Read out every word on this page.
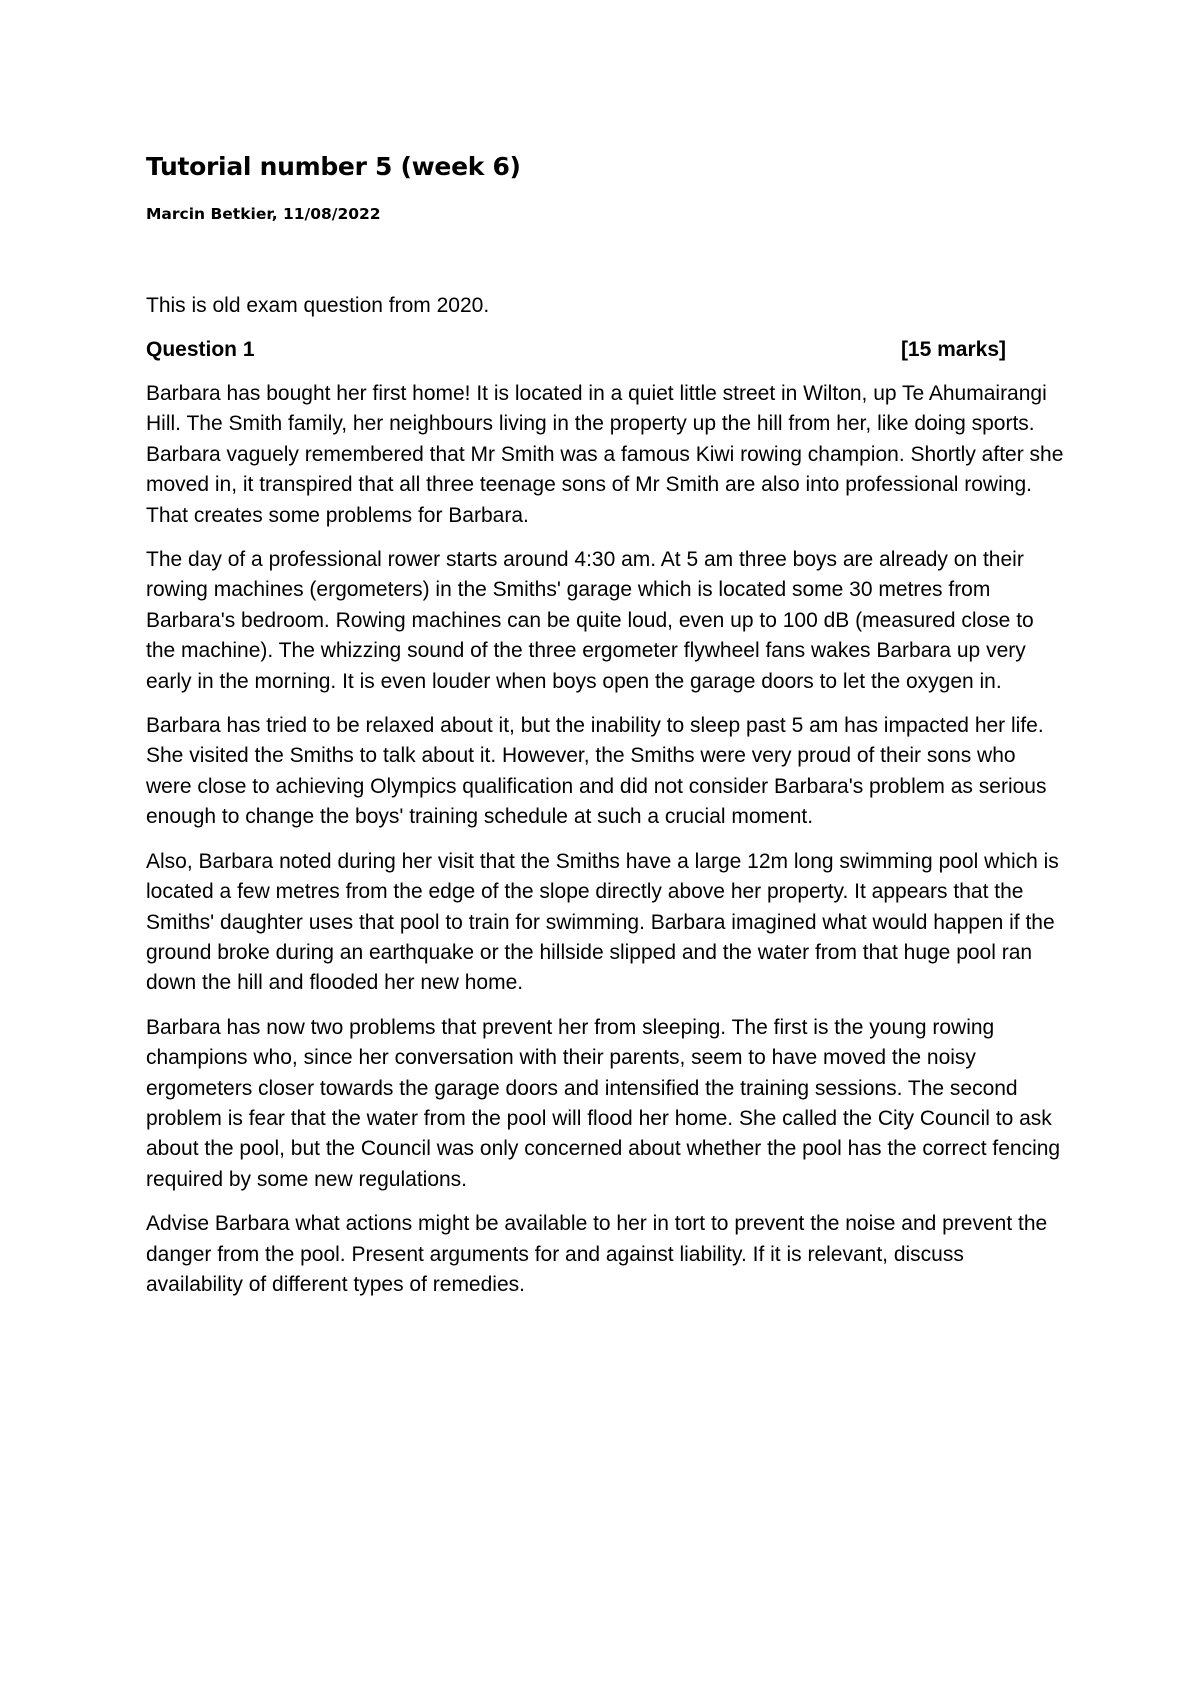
Tutorial number 5 (week 6)

Marcin Betkier, 11/08/2022

This is old exam question from 2020.

Question 1	[15 marks]

Barbara has bought her first home! It is located in a quiet little street in Wilton, up Te Ahumairangi Hill. The Smith family, her neighbours living in the property up the hill from her, like doing sports. Barbara vaguely remembered that Mr Smith was a famous Kiwi rowing champion. Shortly after she moved in, it transpired that all three teenage sons of Mr Smith are also into professional rowing. That creates some problems for Barbara.

The day of a professional rower starts around 4:30 am. At 5 am three boys are already on their rowing machines (ergometers) in the Smiths' garage which is located some 30 metres from Barbara's bedroom. Rowing machines can be quite loud, even up to 100 dB (measured close to the machine). The whizzing sound of the three ergometer flywheel fans wakes Barbara up very early in the morning. It is even louder when boys open the garage doors to let the oxygen in.

Barbara has tried to be relaxed about it, but the inability to sleep past 5 am has impacted her life. She visited the Smiths to talk about it. However, the Smiths were very proud of their sons who were close to achieving Olympics qualification and did not consider Barbara's problem as serious enough to change the boys' training schedule at such a crucial moment.

Also, Barbara noted during her visit that the Smiths have a large 12m long swimming pool which is located a few metres from the edge of the slope directly above her property. It appears that the Smiths' daughter uses that pool to train for swimming. Barbara imagined what would happen if the ground broke during an earthquake or the hillside slipped and the water from that huge pool ran down the hill and flooded her new home.

Barbara has now two problems that prevent her from sleeping. The first is the young rowing champions who, since her conversation with their parents, seem to have moved the noisy ergometers closer towards the garage doors and intensified the training sessions. The second problem is fear that the water from the pool will flood her home. She called the City Council to ask about the pool, but the Council was only concerned about whether the pool has the correct fencing required by some new regulations.

Advise Barbara what actions might be available to her in tort to prevent the noise and prevent the danger from the pool. Present arguments for and against liability. If it is relevant, discuss availability of different types of remedies.
